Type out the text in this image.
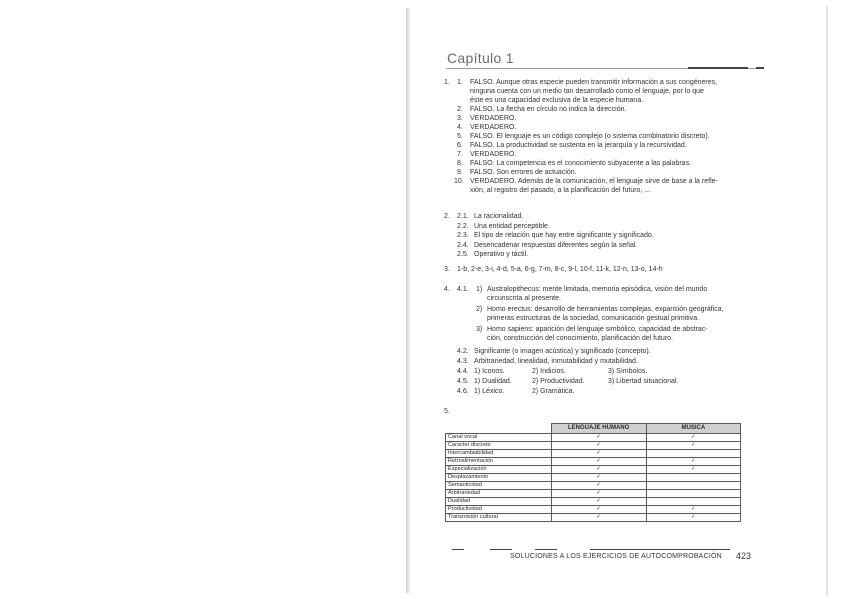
Capítulo 1
1. 1. FALSO. Aunque otras especie pueden transmitir información a sus congéneres,
ninguna cuenta con un medio tan desarrollado como el lenguaje, por lo que
éste es una capacidad exclusiva de la especie humana.
2. FALSO. La flecha en círculo no indica la dirección.
3. VERDADERO.
4. VERDADERO.
5. FALSO. El lenguaje es un código complejo (o sistema combinatorio discreto).
6. FALSO. La productividad se sustenta en la jerarquía y la recursividad.
7. VERDADERO.
8. FALSO. La competencia es el conocimiento subyacente a las palabras.
9. FALSO. Son errores de actuación.
10. VERDADERO. Además de la comunicación, el lenguaje sirve de base a la refle-
xión, al registro del pasado, a la planificación del futuro, ...
2. 2.1. La racionalidad.
2.2. Una entidad perceptible.
2.3. El tipo de relación que hay entre significante y significado.
2.4. Desencadenar respuestas diferentes según la señal.
2.5. Operativo y táctil.
3. 1-b, 2-e, 3-i, 4-d, 5-a, 6-g, 7-m, 8-c, 9-l, 10-f, 11-k, 12-n, 13-o, 14-h
4. 4.1. 1) Australopithecus: mente limitada, memoria episódica, visión del mundo
circunscrita al presente.
2) Homo erectus: desarrollo de herramientas complejas, expansión geográfica,
primeras estructuras de la sociedad, comunicación gestual primitiva.
3) Homo sapiens: aparición del lenguaje simbólico, capacidad de abstrac-
ción, construcción del conocimiento, planificación del futuro.
4.2. Significante (o imagen acústica) y significado (concepto).
4.3. Arbitrariedad, linealidad, inmutabilidad y mutabilidad.
4.4. 1) Iconos.	2) Indicios.	3) Símbolos.
4.5. 1) Dualidad.	2) Productividad.	3) Libertad situacional.
4.6. 1) Léxico.	2) Gramática.
5.
	LENGUAJE HUMANO	MÚSICA
Canal vocal	✓	✓
Carácter discreto	✓	✓
Intercambiabilidad	✓	
Retroalimentación	✓	✓
Especialización	✓	✓
Desplazamiento	✓	
Semanticidad	✓	
Arbitrariedad	✓	
Dualidad	✓	
Productividad	✓	✓
Transmisión cultural	✓	✓
SOLUCIONES A LOS EJERCICIOS DE AUTOCOMPROBACIÓN 423
